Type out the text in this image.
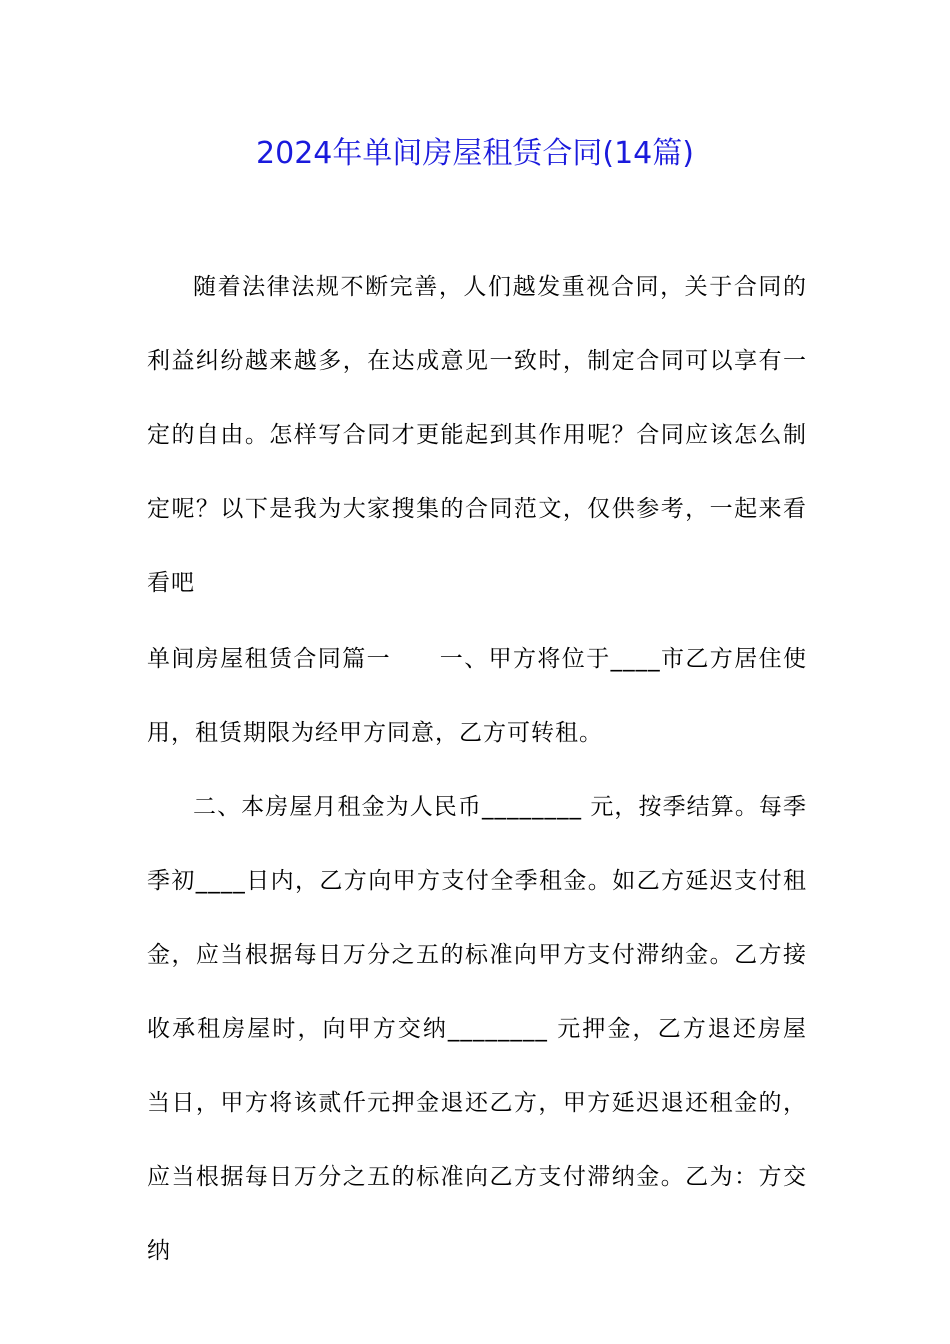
2024年单间房屋租赁合同(14篇)

随着法律法规不断完善，人们越发重视合同，关于合同的利益纠纷越来越多，在达成意见一致时，制定合同可以享有一定的自由。怎样写合同才更能起到其作用呢？合同应该怎么制定呢？以下是我为大家搜集的合同范文，仅供参考，一起来看看吧

单间房屋租赁合同篇一　　一、甲方将位于____市乙方居住使用，租赁期限为经甲方同意，乙方可转租。

二、本房屋月租金为人民币________ 元，按季结算。每季季初____日内，乙方向甲方支付全季租金。如乙方延迟支付租金，应当根据每日万分之五的标准向甲方支付滞纳金。乙方接收承租房屋时，向甲方交纳________ 元押金，乙方退还房屋当日，甲方将该贰仟元押金退还乙方，甲方延迟退还租金的，应当根据每日万分之五的标准向乙方支付滞纳金。乙为：方交纳
